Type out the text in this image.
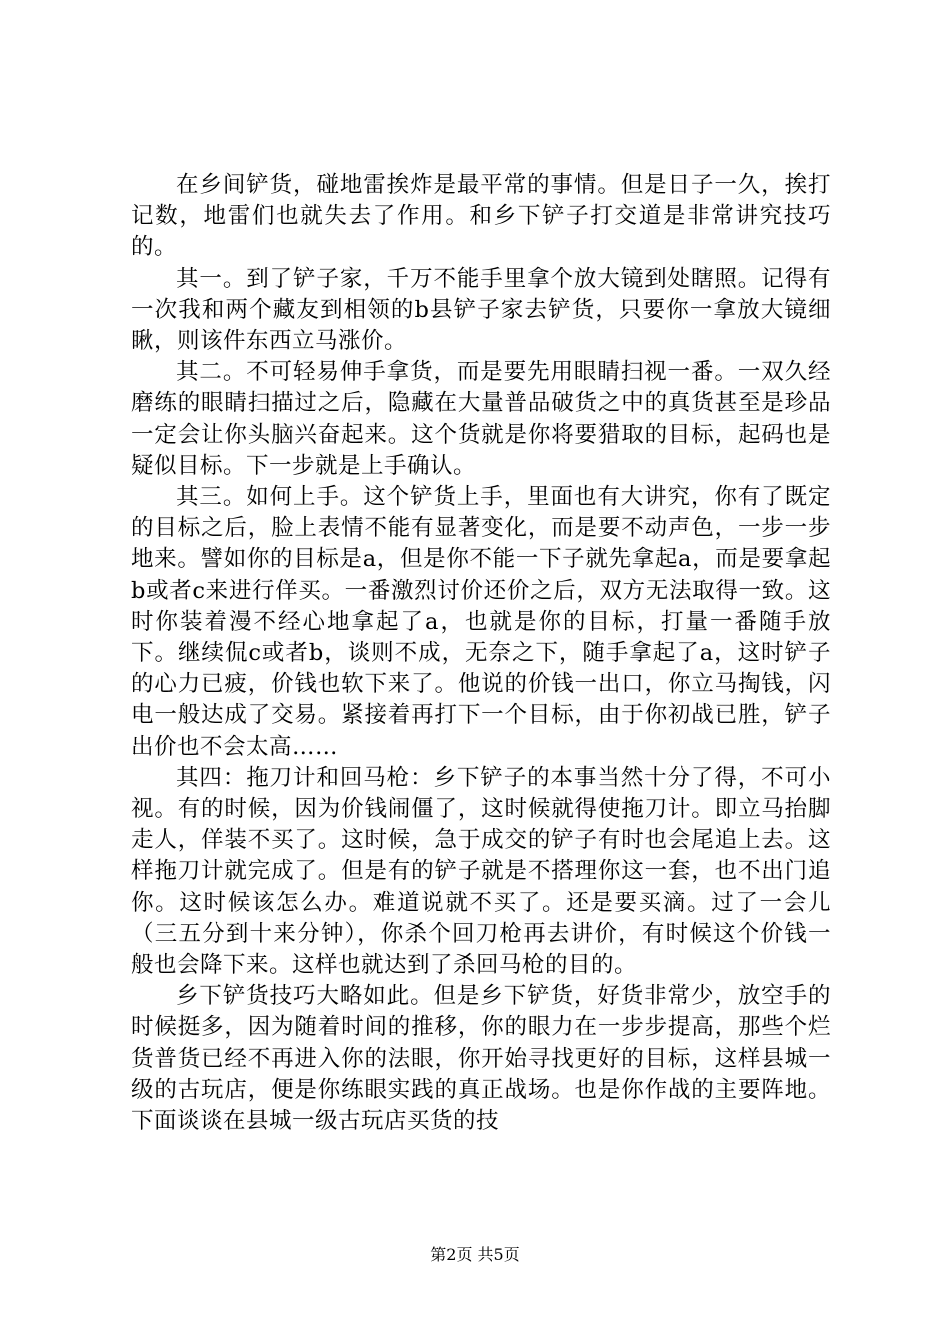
在乡间铲货，碰地雷挨炸是最平常的事情。但是日子一久，挨打记数，地雷们也就失去了作用。和乡下铲子打交道是非常讲究技巧的。

其一。到了铲子家，千万不能手里拿个放大镜到处瞎照。记得有一次我和两个藏友到相领的b县铲子家去铲货，只要你一拿放大镜细瞅，则该件东西立马涨价。

其二。不可轻易伸手拿货，而是要先用眼睛扫视一番。一双久经磨练的眼睛扫描过之后，隐藏在大量普品破货之中的真货甚至是珍品一定会让你头脑兴奋起来。这个货就是你将要猎取的目标，起码也是疑似目标。下一步就是上手确认。

其三。如何上手。这个铲货上手，里面也有大讲究，你有了既定的目标之后，脸上表情不能有显著变化，而是要不动声色，一步一步地来。譬如你的目标是a，但是你不能一下子就先拿起a，而是要拿起b或者c来进行佯买。一番激烈讨价还价之后，双方无法取得一致。这时你装着漫不经心地拿起了a，也就是你的目标，打量一番随手放下。继续侃c或者b，谈则不成，无奈之下，随手拿起了a，这时铲子的心力已疲，价钱也软下来了。他说的价钱一出口，你立马掏钱，闪电一般达成了交易。紧接着再打下一个目标，由于你初战已胜，铲子出价也不会太高……

其四：拖刀计和回马枪：乡下铲子的本事当然十分了得，不可小视。有的时候，因为价钱闹僵了，这时候就得使拖刀计。即立马抬脚走人，佯装不买了。这时候，急于成交的铲子有时也会尾追上去。这样拖刀计就完成了。但是有的铲子就是不搭理你这一套，也不出门追你。这时候该怎么办。难道说就不买了。还是要买滴。过了一会儿（三五分到十来分钟），你杀个回刀枪再去讲价，有时候这个价钱一般也会降下来。这样也就达到了杀回马枪的目的。

乡下铲货技巧大略如此。但是乡下铲货，好货非常少，放空手的时候挺多，因为随着时间的推移，你的眼力在一步步提高，那些个烂货普货已经不再进入你的法眼，你开始寻找更好的目标，这样县城一级的古玩店，便是你练眼实践的真正战场。也是你作战的主要阵地。下面谈谈在县城一级古玩店买货的技

第2页 共5页
